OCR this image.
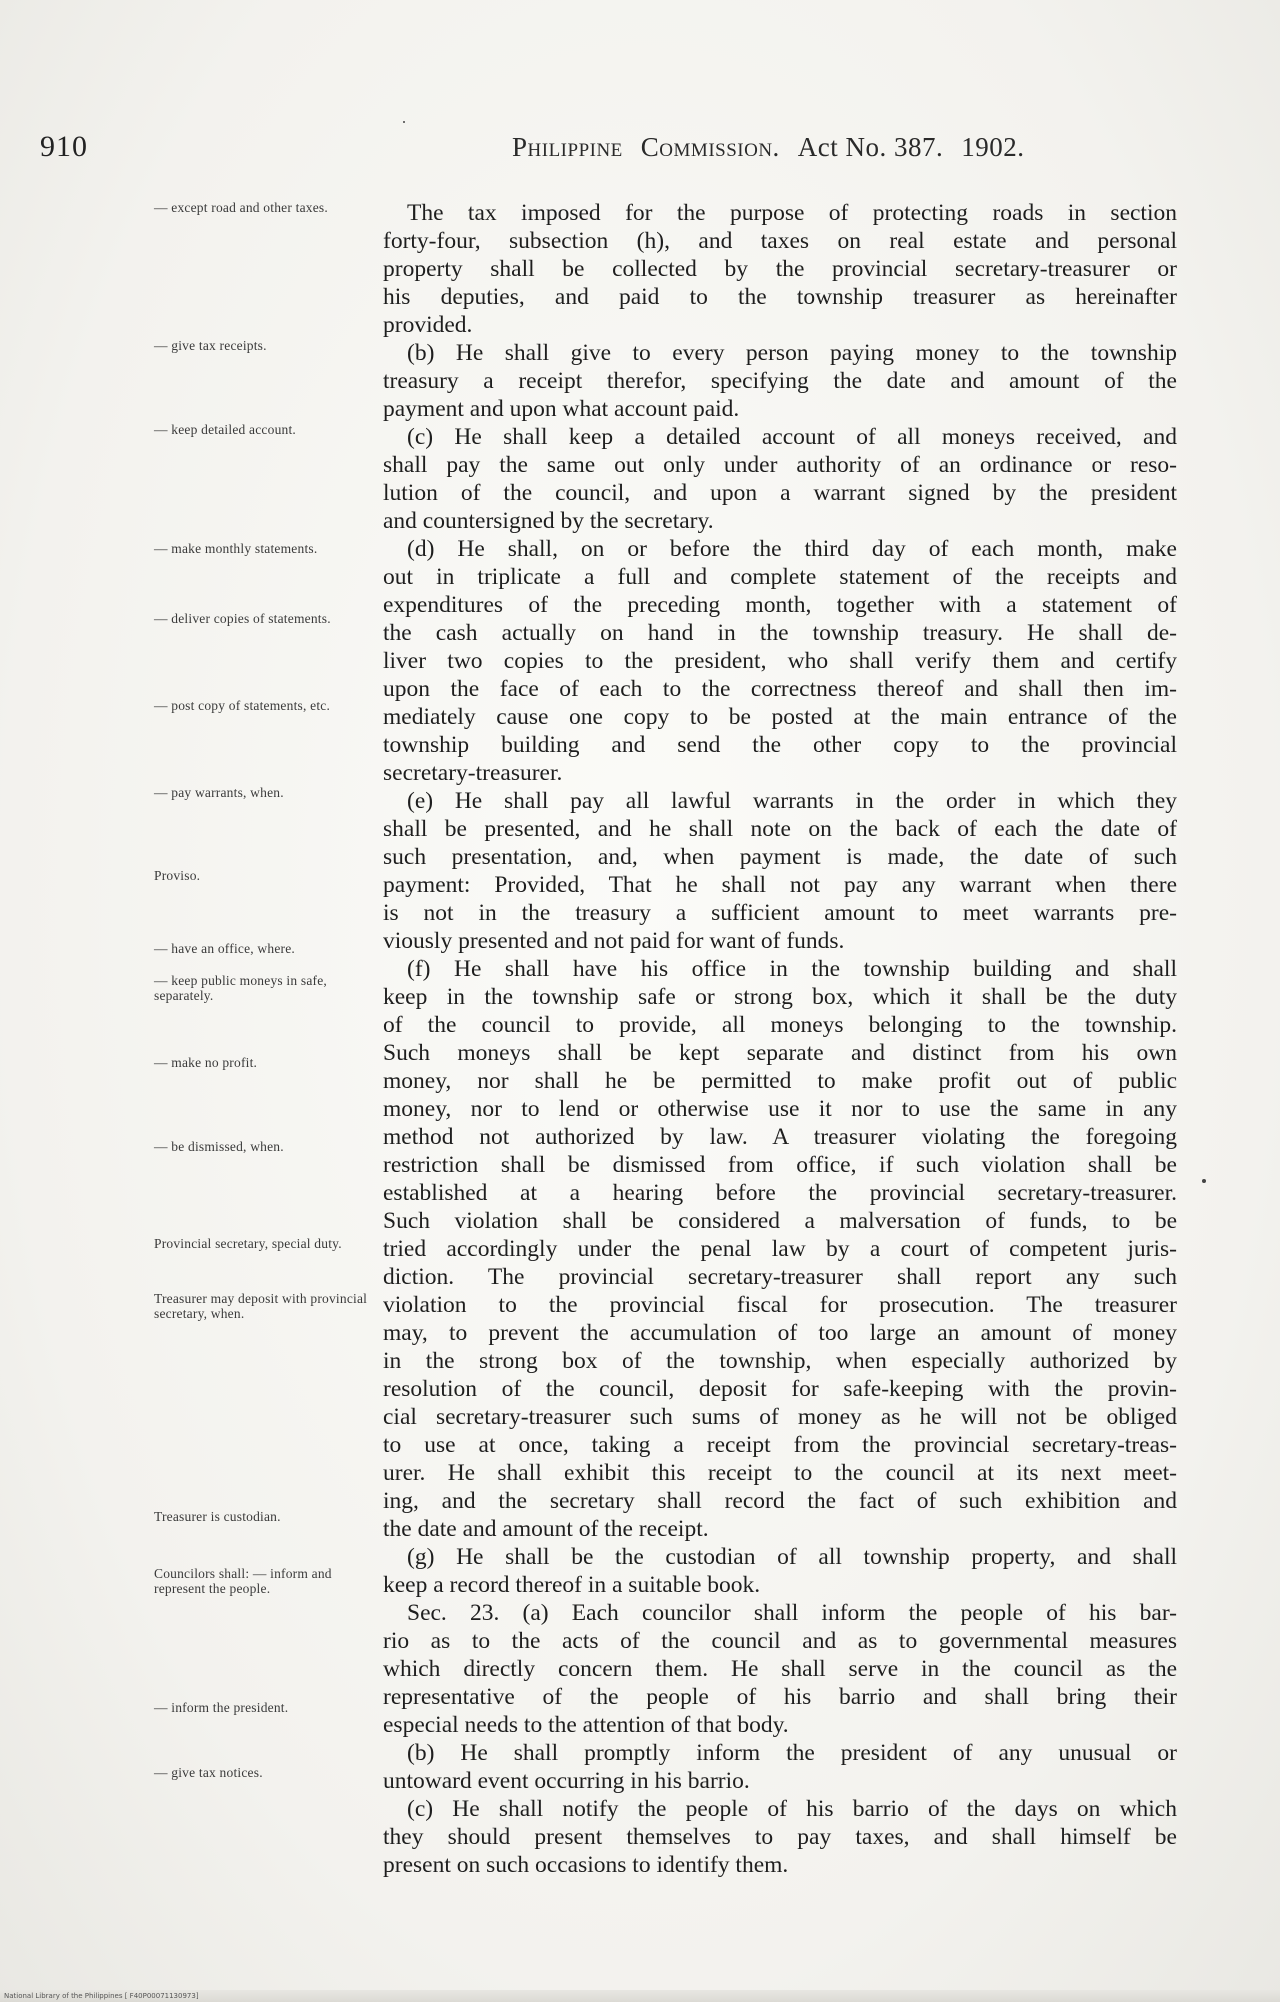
910	Philippine Commission. Act No. 387. 1902.
— except road and other taxes.
— give tax receipts.
— keep detailed account.
— make monthly statements.
— deliver copies of statements.
— post copy of statements, etc.
— pay warrants, when.
Proviso.
— have an office, where.
— keep public moneys in safe, separately.
— make no profit.
— be dismissed, when.
Provincial secretary, special duty.
Treasurer may deposit with provincial secretary, when.
Treasurer is custodian.
Councilors shall: — inform and represent the people.
— inform the president.
— give tax notices.
The tax imposed for the purpose of protecting roads in section
forty-four, subsection (h), and taxes on real estate and personal
property shall be collected by the provincial secretary-treasurer or
his deputies, and paid to the township treasurer as hereinafter
provided.
(b) He shall give to every person paying money to the township
treasury a receipt therefor, specifying the date and amount of the
payment and upon what account paid.
(c) He shall keep a detailed account of all moneys received, and
shall pay the same out only under authority of an ordinance or reso-
lution of the council, and upon a warrant signed by the president
and countersigned by the secretary.
(d) He shall, on or before the third day of each month, make
out in triplicate a full and complete statement of the receipts and
expenditures of the preceding month, together with a statement of
the cash actually on hand in the township treasury. He shall de-
liver two copies to the president, who shall verify them and certify
upon the face of each to the correctness thereof and shall then im-
mediately cause one copy to be posted at the main entrance of the
township building and send the other copy to the provincial
secretary-treasurer.
(e) He shall pay all lawful warrants in the order in which they
shall be presented, and he shall note on the back of each the date of
such presentation, and, when payment is made, the date of such
payment: Provided, That he shall not pay any warrant when there
is not in the treasury a sufficient amount to meet warrants pre-
viously presented and not paid for want of funds.
(f) He shall have his office in the township building and shall
keep in the township safe or strong box, which it shall be the duty
of the council to provide, all moneys belonging to the township.
Such moneys shall be kept separate and distinct from his own
money, nor shall he be permitted to make profit out of public
money, nor to lend or otherwise use it nor to use the same in any
method not authorized by law. A treasurer violating the foregoing
restriction shall be dismissed from office, if such violation shall be
established at a hearing before the provincial secretary-treasurer.
Such violation shall be considered a malversation of funds, to be
tried accordingly under the penal law by a court of competent juris-
diction. The provincial secretary-treasurer shall report any such
violation to the provincial fiscal for prosecution. The treasurer
may, to prevent the accumulation of too large an amount of money
in the strong box of the township, when especially authorized by
resolution of the council, deposit for safe-keeping with the provin-
cial secretary-treasurer such sums of money as he will not be obliged
to use at once, taking a receipt from the provincial secretary-treas-
urer. He shall exhibit this receipt to the council at its next meet-
ing, and the secretary shall record the fact of such exhibition and
the date and amount of the receipt.
(g) He shall be the custodian of all township property, and shall
keep a record thereof in a suitable book.
Sec. 23. (a) Each councilor shall inform the people of his bar-
rio as to the acts of the council and as to governmental measures
which directly concern them. He shall serve in the council as the
representative of the people of his barrio and shall bring their
especial needs to the attention of that body.
(b) He shall promptly inform the president of any unusual or
untoward event occurring in his barrio.
(c) He shall notify the people of his barrio of the days on which
they should present themselves to pay taxes, and shall himself be
present on such occasions to identify them.
National Library of the Philippines [ F40P00071130973]
